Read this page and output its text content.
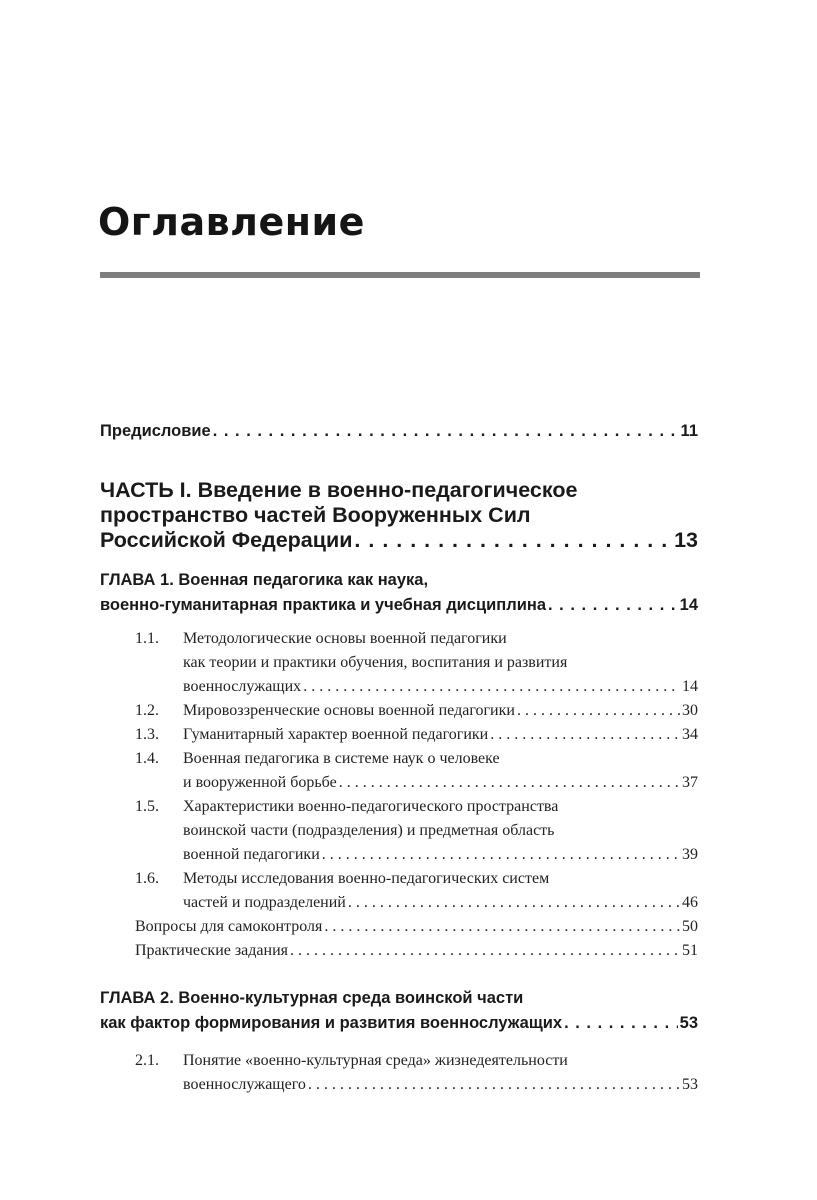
Оглавление
Предисловие . . .	11
ЧАСТЬ I. Введение в военно-педагогическое
пространство частей Вооруженных Сил
Российской Федерации . . .	13
ГЛАВА 1. Военная педагогика как наука,
военно-гуманитарная практика и учебная дисциплина . . .	14
1.1. Методологические основы военной педагогики
как теории и практики обучения, воспитания и развития
военнослужащих . . .	14
1.2. Мировоззренческие основы военной педагогики . . .	30
1.3. Гуманитарный характер военной педагогики . . .	34
1.4. Военная педагогика в системе наук о человеке
и вооруженной борьбе . . .	37
1.5. Характеристики военно-педагогического пространства
воинской части (подразделения) и предметная область
военной педагогики . . .	39
1.6. Методы исследования военно-педагогических систем
частей и подразделений . . .	46
Вопросы для самоконтроля . . .	50
Практические задания . . .	51
ГЛАВА 2. Военно-культурная среда воинской части
как фактор формирования и развития военнослужащих . . .	53
2.1. Понятие «военно-культурная среда» жизнедеятельности
военнослужащего . . .	53
